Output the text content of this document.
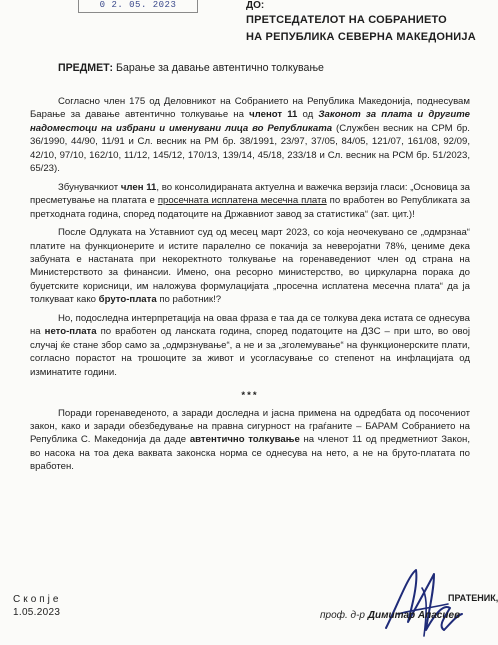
0 2. 05. 2023	ДО:
ПРЕТСЕДАТЕЛОТ НА СОБРАНИЕТО
НА РЕПУБЛИКА СЕВЕРНА МАКЕДОНИЈА
ПРЕДМЕТ: Барање за давање автентично толкување

Согласно член 175 од Деловникот на Собранието на Република Македонија, поднесувам Барање за давање автентично толкување на членот 11 од Законот за плата и другите надоместоци на избрани и именувани лица во Републиката (Службен весник на СРМ бр. 36/1990, 44/90, 11/91 и Сл. весник на РМ бр. 38/1991, 23/97, 37/05, 84/05, 121/07, 161/08, 92/09, 42/10, 97/10, 162/10, 11/12, 145/12, 170/13, 139/14, 45/18, 233/18 и Сл. весник на РСМ бр. 51/2023, 65/23).

Збунувачкиот член 11, во консолидираната актуелна и важечка верзија гласи: „Основица за пресметување на платата е просечната исплатена месечна плата по вработен во Републиката за претходната година, според податоците на Државниот завод за статистика“ (зат. цит.)!

После Одлуката на Уставниот суд од месец март 2023, со која неочекувано се „одмрзнаа“ платите на функционерите и истите паралелно се покачија за неверојатни 78%, цениме дека забуната е настаната при некоректното толкување на горенаведениот член од страна на Министерството за финансии. Имено, она ресорно министерство, во циркуларна порака до буџетските корисници, им наложува формулацијата „просечна исплатена месечна плата“ да ја толкуваат како бруто-плата по работник!?

Но, подоследна интерпретација на оваа фраза е таа да се толкува дека истата се однесува на нето-плата по вработен од ланската година, според податоците на ДЗС – при што, во овој случај ќе стане збор само за „одмрзнување“, а не и за „зголемување“ на функционерските плати, согласно порастот на трошоците за живот и усогласување со степенот на инфлацијата од изминатите години.

***

Поради горенаведеното, а заради доследна и јасна примена на одредбата од посочениот закон, како и заради обезбедување на правна сигурност на граѓаните – БАРАМ Собранието на Република С. Македонија да даде автентично толкување на членот 11 од предметниот Закон, во насока на тоа дека ваквата законска норма се однесува на нето, а не на бруто-платата по вработен.

Скопје
1.05.2023
ПРАТЕНИК,
проф. д-р Димитар Апасиев
